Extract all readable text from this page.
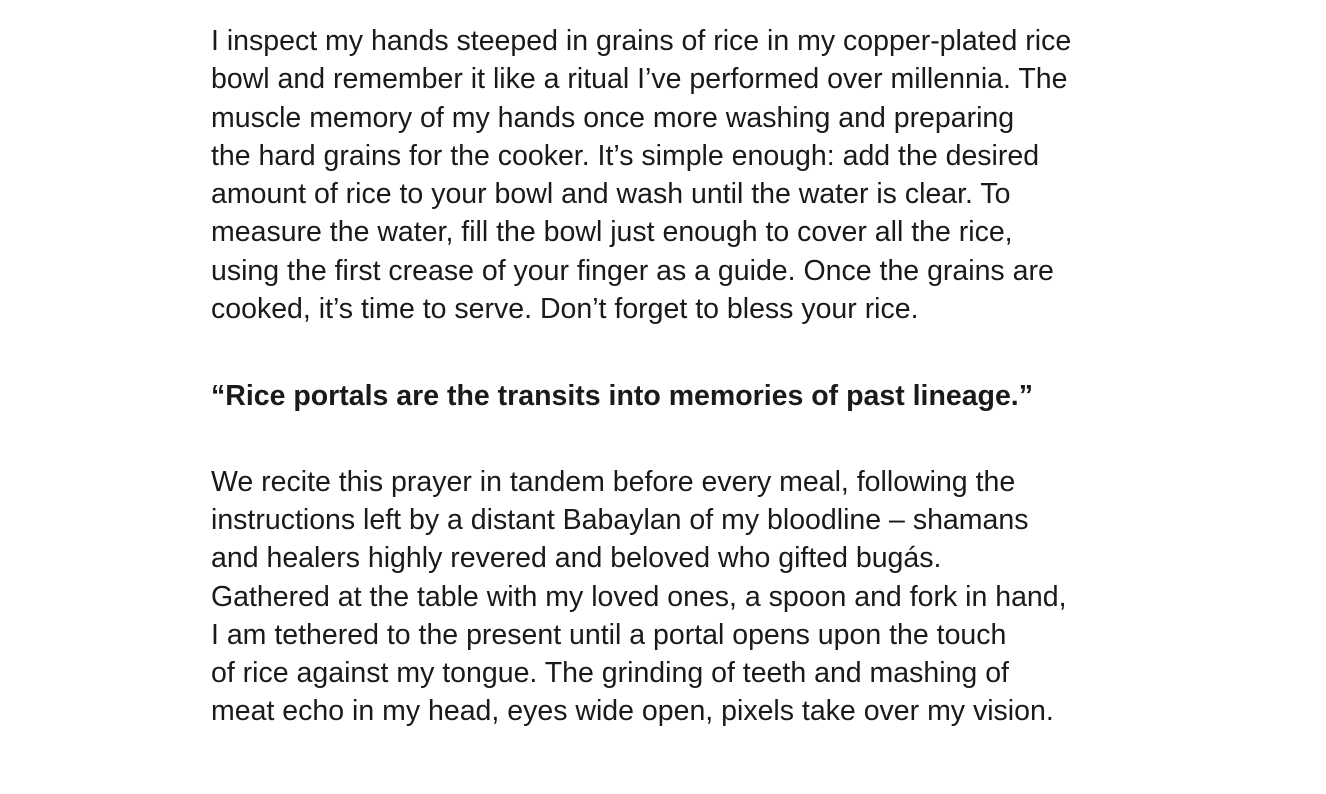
I inspect my hands steeped in grains of rice in my copper-plated rice
bowl and remember it like a ritual I’ve performed over millennia. The
muscle memory of my hands once more washing and preparing
the hard grains for the cooker. It’s simple enough: add the desired
amount of rice to your bowl and wash until the water is clear. To
measure the water, fill the bowl just enough to cover all the rice,
using the first crease of your finger as a guide. Once the grains are
cooked, it’s time to serve. Don’t forget to bless your rice.

“Rice portals are the transits into memories of past lineage.”

We recite this prayer in tandem before every meal, following the
instructions left by a distant Babaylan of my bloodline – shamans
and healers highly revered and beloved who gifted bugás.
Gathered at the table with my loved ones, a spoon and fork in hand,
I am tethered to the present until a portal opens upon the touch
of rice against my tongue. The grinding of teeth and mashing of
meat echo in my head, eyes wide open, pixels take over my vision.
